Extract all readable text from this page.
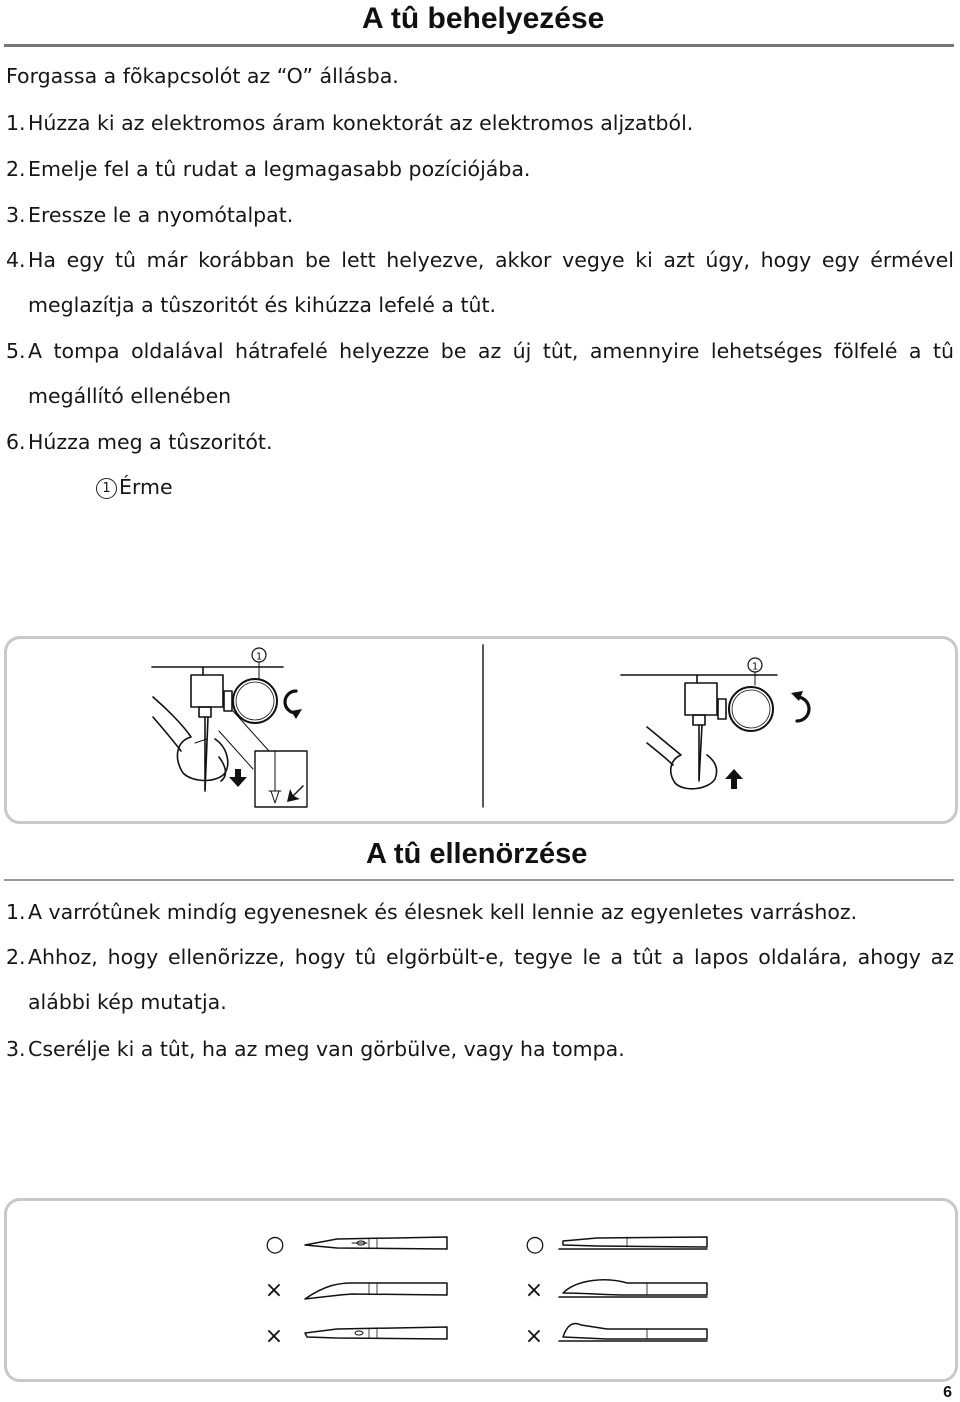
A tû behelyezése
Forgassa a fõkapcsolót az “O” állásba.
1. Húzza ki az elektromos áram konektorát az elektromos aljzatból.
2. Emelje fel a tû rudat a legmagasabb pozíciójába.
3. Eressze le a nyomótalpat.
4. Ha egy tû már korábban be lett helyezve, akkor vegye ki azt úgy, hogy egy érmével
meglazítja a tûszoritót és kihúzza lefelé a tût.
5. A tompa oldalával hátrafelé helyezze be az új tût, amennyire lehetséges fölfelé a tû
megállító ellenében
6. Húzza meg a tûszoritót.
1 Érme
1
1
A tû ellenörzése
1. A varrótûnek mindíg egyenesnek és élesnek kell lennie az egyenletes varráshoz.
2. Ahhoz, hogy ellenõrizze, hogy tû elgörbült-e, tegye le a tût a lapos oldalára, ahogy az
alábbi kép mutatja.
3. Cserélje ki a tût, ha az meg van görbülve, vagy ha tompa.
○
×
×
○
×
×
6
